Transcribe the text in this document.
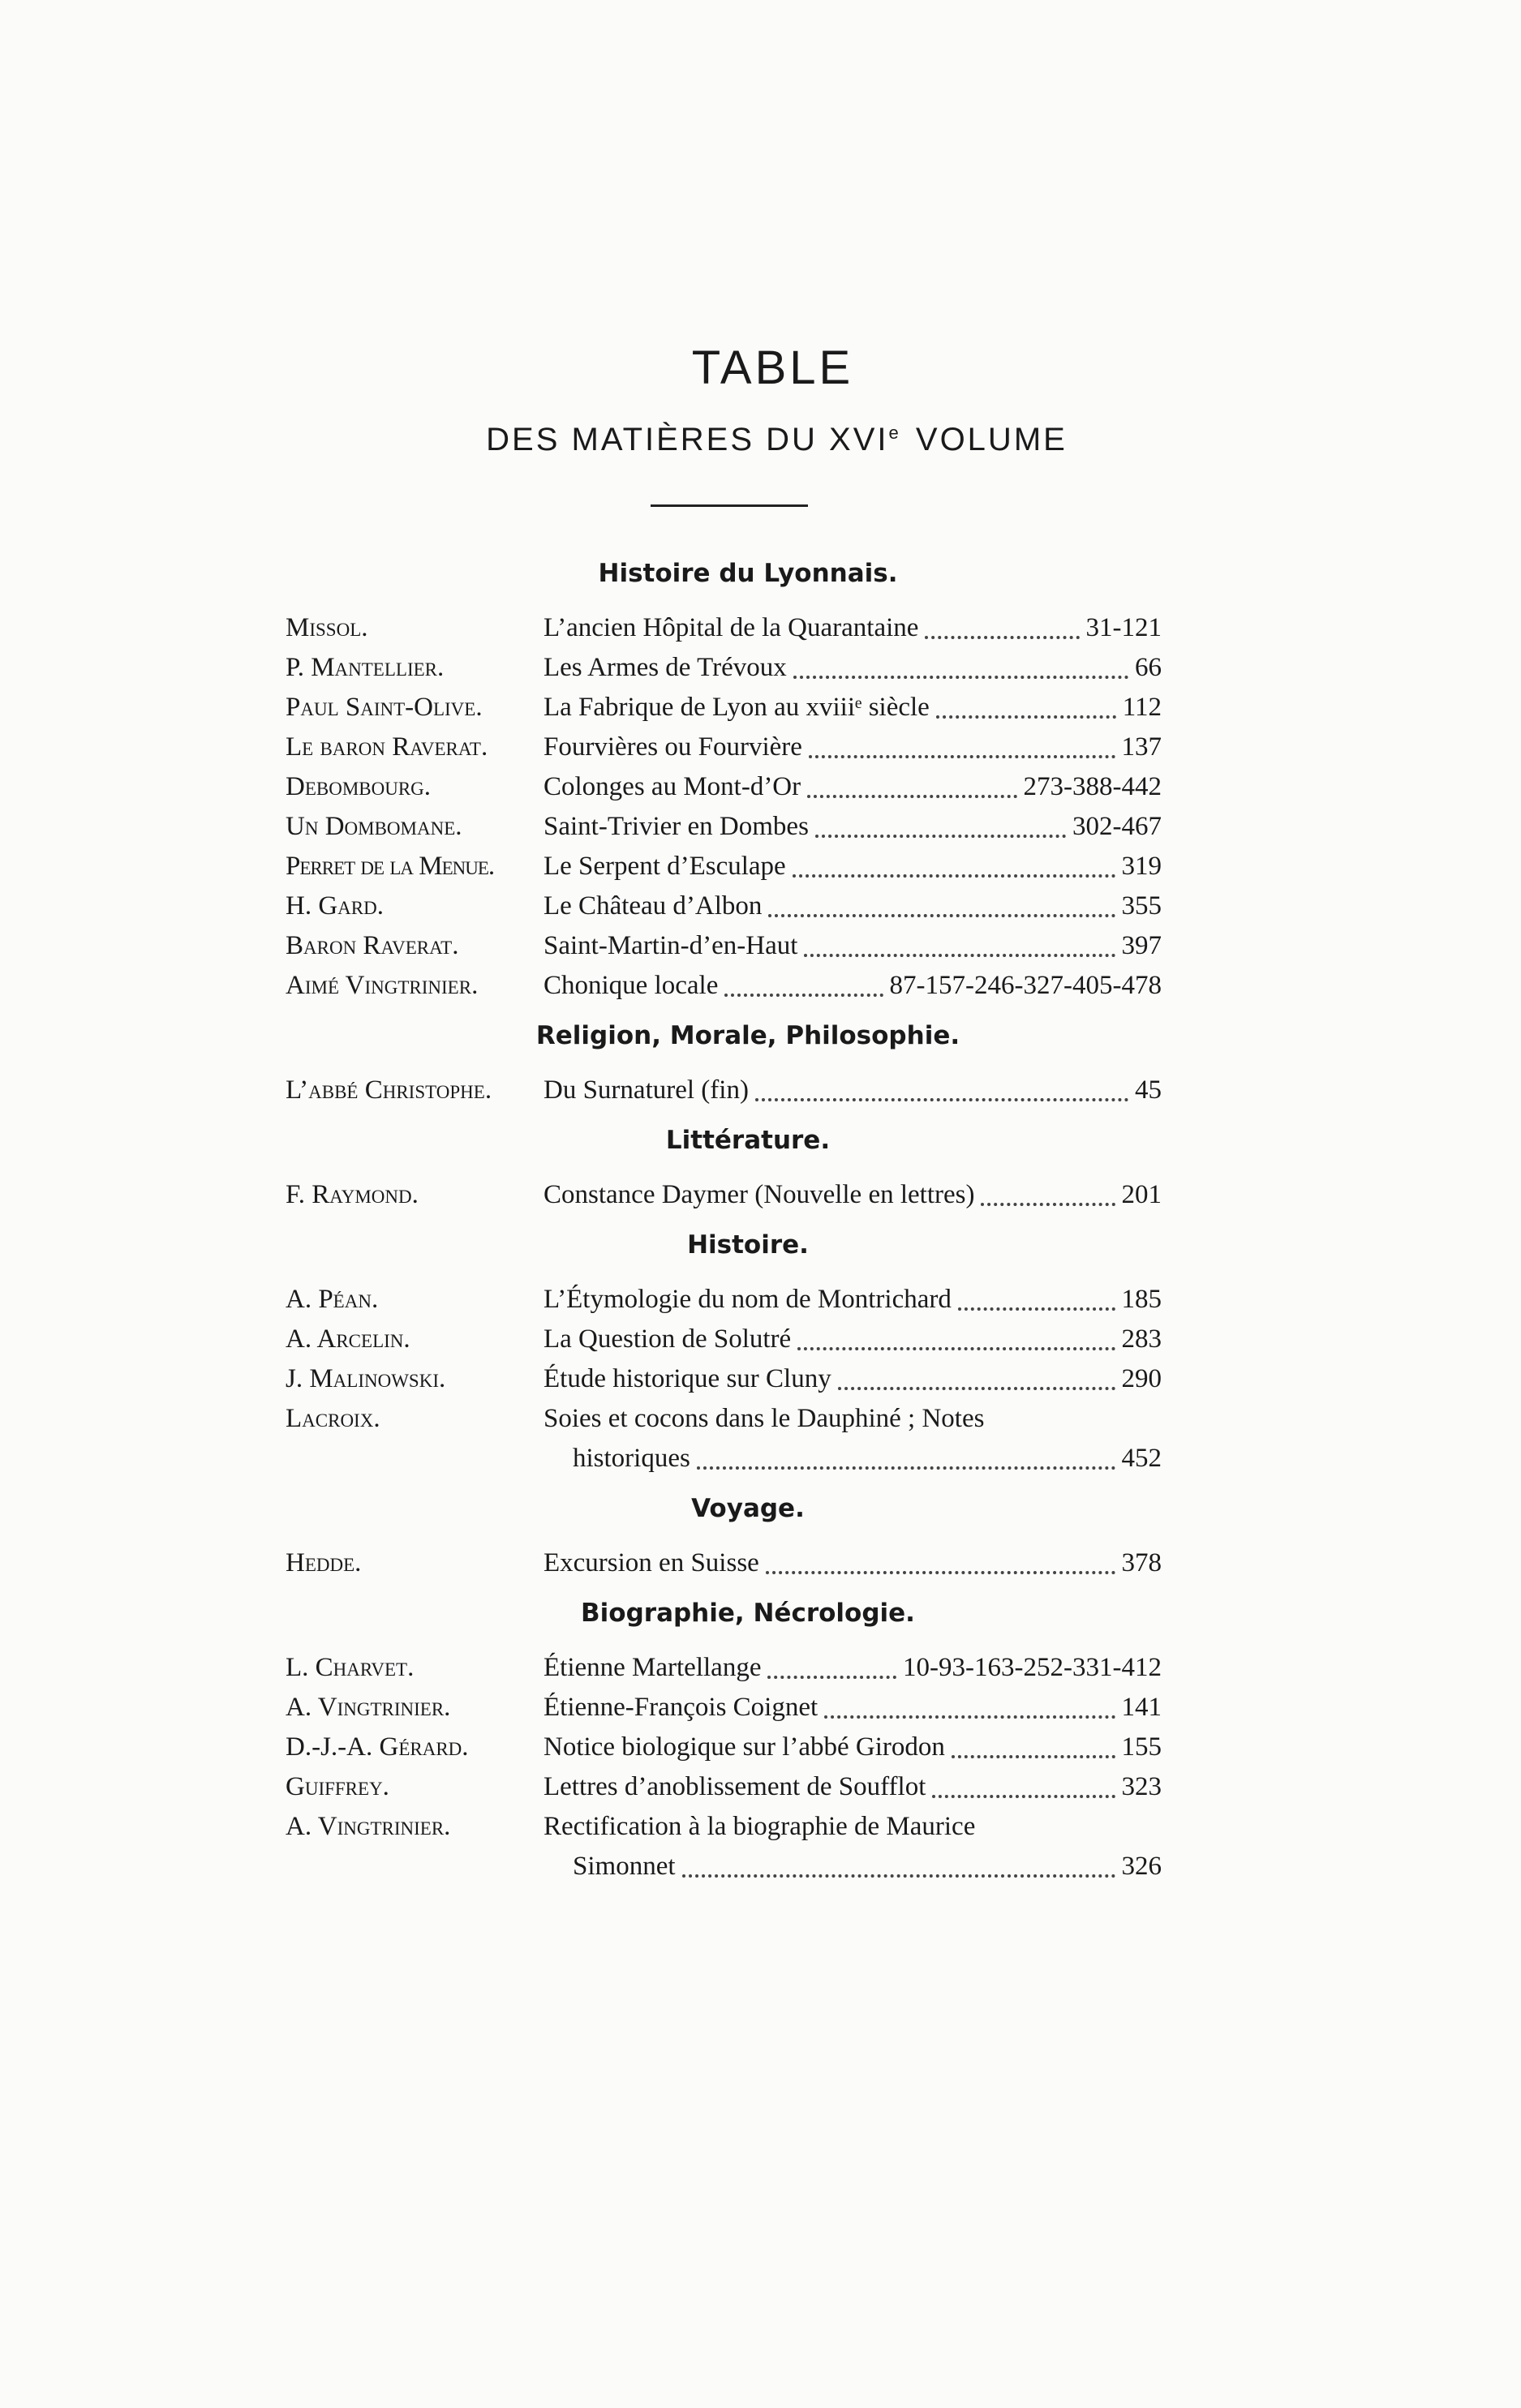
TABLE
DES MATIÈRES DU XVIe VOLUME
Histoire du Lyonnais.
Missol.	L’ancien Hôpital de la Quarantaine	31-121
P. Mantellier.	Les Armes de Trévoux	66
Paul Saint-Olive.	La Fabrique de Lyon au xviiiᵉ siècle	112
Le baron Raverat.	Fourvières ou Fourvière	137
Debombourg.	Colonges au Mont-d’Or	273-388-442
Un Dombomane.	Saint-Trivier en Dombes	302-467
Perret de la Menue.	Le Serpent d’Esculape	319
H. Gard.	Le Château d’Albon	355
Baron Raverat.	Saint-Martin-d’en-Haut	397
Aimé Vingtrinier.	Chonique locale	87-157-246-327-405-478
Religion, Morale, Philosophie.
L’abbé Christophe.	Du Surnaturel (fin)	45
Littérature.
F. Raymond.	Constance Daymer (Nouvelle en lettres)	201
Histoire.
A. Péan.	L’Étymologie du nom de Montrichard	185
A. Arcelin.	La Question de Solutré	283
J. Malinowski.	Étude historique sur Cluny	290
Lacroix.	Soies et cocons dans le Dauphiné ; Notes
historiques	452
Voyage.
Hedde.	Excursion en Suisse	378
Biographie, Nécrologie.
L. Charvet.	Étienne Martellange	10-93-163-252-331-412
A. Vingtrinier.	Étienne-François Coignet	141
D.-J.-A. Gérard.	Notice biologique sur l’abbé Girodon	155
Guiffrey.	Lettres d’anoblissement de Soufflot	323
A. Vingtrinier.	Rectification à la biographie de Maurice
Simonnet	326
